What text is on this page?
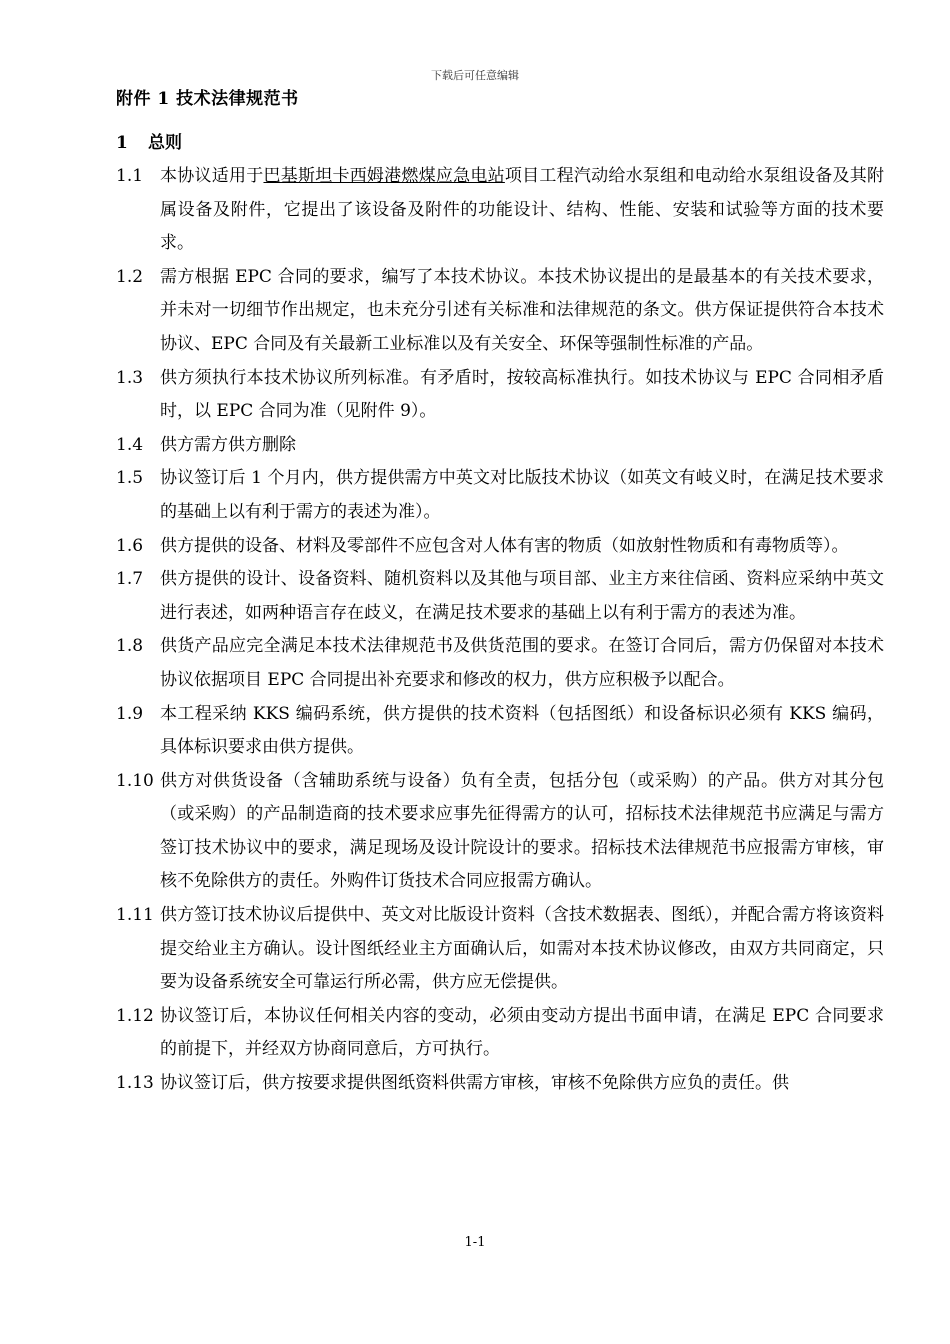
下载后可任意编辑
附件 1 技术法律规范书
1 总则
1.1 本协议适用于巴基斯坦卡西姆港燃煤应急电站项目工程汽动给水泵组和电动给水泵组设备及其附属设备及附件，它提出了该设备及附件的功能设计、结构、性能、安装和试验等方面的技术要求。
1.2 需方根据 EPC 合同的要求，编写了本技术协议。本技术协议提出的是最基本的有关技术要求，并未对一切细节作出规定，也未充分引述有关标准和法律规范的条文。供方保证提供符合本技术协议、EPC 合同及有关最新工业标准以及有关安全、环保等强制性标准的产品。
1.3 供方须执行本技术协议所列标准。有矛盾时，按较高标准执行。如技术协议与 EPC 合同相矛盾时，以 EPC 合同为准（见附件 9）。
1.4 供方需方供方删除
1.5 协议签订后 1 个月内，供方提供需方中英文对比版技术协议（如英文有岐义时，在满足技术要求的基础上以有利于需方的表述为准）。
1.6 供方提供的设备、材料及零部件不应包含对人体有害的物质（如放射性物质和有毒物质等）。
1.7 供方提供的设计、设备资料、随机资料以及其他与项目部、业主方来往信函、资料应采纳中英文进行表述，如两种语言存在歧义，在满足技术要求的基础上以有利于需方的表述为准。
1.8 供货产品应完全满足本技术法律规范书及供货范围的要求。在签订合同后，需方仍保留对本技术协议依据项目 EPC 合同提出补充要求和修改的权力，供方应积极予以配合。
1.9 本工程采纳 KKS 编码系统，供方提供的技术资料（包括图纸）和设备标识必须有 KKS 编码，具体标识要求由供方提供。
1.10 供方对供货设备（含辅助系统与设备）负有全责，包括分包（或采购）的产品。供方对其分包（或采购）的产品制造商的技术要求应事先征得需方的认可，招标技术法律规范书应满足与需方签订技术协议中的要求，满足现场及设计院设计的要求。招标技术法律规范书应报需方审核，审核不免除供方的责任。外购件订货技术合同应报需方确认。
1.11 供方签订技术协议后提供中、英文对比版设计资料（含技术数据表、图纸），并配合需方将该资料提交给业主方确认。设计图纸经业主方面确认后，如需对本技术协议修改，由双方共同商定，只要为设备系统安全可靠运行所必需，供方应无偿提供。
1.12 协议签订后，本协议任何相关内容的变动，必须由变动方提出书面申请，在满足 EPC 合同要求的前提下，并经双方协商同意后，方可执行。
1.13 协议签订后，供方按要求提供图纸资料供需方审核，审核不免除供方应负的责任。供
1-1
